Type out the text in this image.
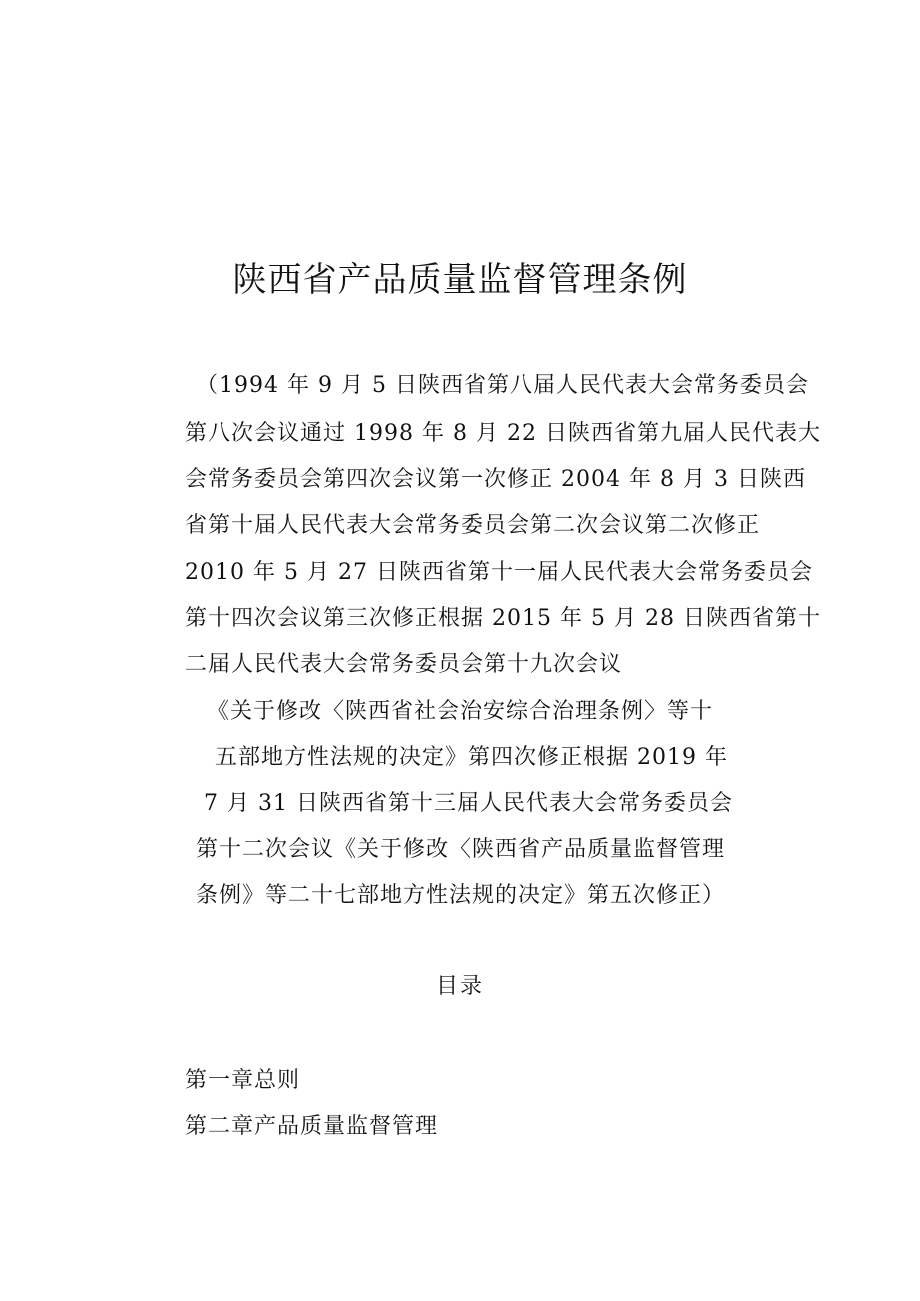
陕西省产品质量监督管理条例
（1994 年 9 月 5 日陕西省第八届人民代表大会常务委员会
第八次会议通过 1998 年 8 月 22 日陕西省第九届人民代表大
会常务委员会第四次会议第一次修正 2004 年 8 月 3 日陕西
省第十届人民代表大会常务委员会第二次会议第二次修正
2010 年 5 月 27 日陕西省第十一届人民代表大会常务委员会
第十四次会议第三次修正根据 2015 年 5 月 28 日陕西省第十
二届人民代表大会常务委员会第十九次会议
《关于修改〈陕西省社会治安综合治理条例〉等十
五部地方性法规的决定》第四次修正根据 2019 年
7 月 31 日陕西省第十三届人民代表大会常务委员会
第十二次会议《关于修改〈陕西省产品质量监督管理
条例》等二十七部地方性法规的决定》第五次修正）
目录
第一章总则
第二章产品质量监督管理
